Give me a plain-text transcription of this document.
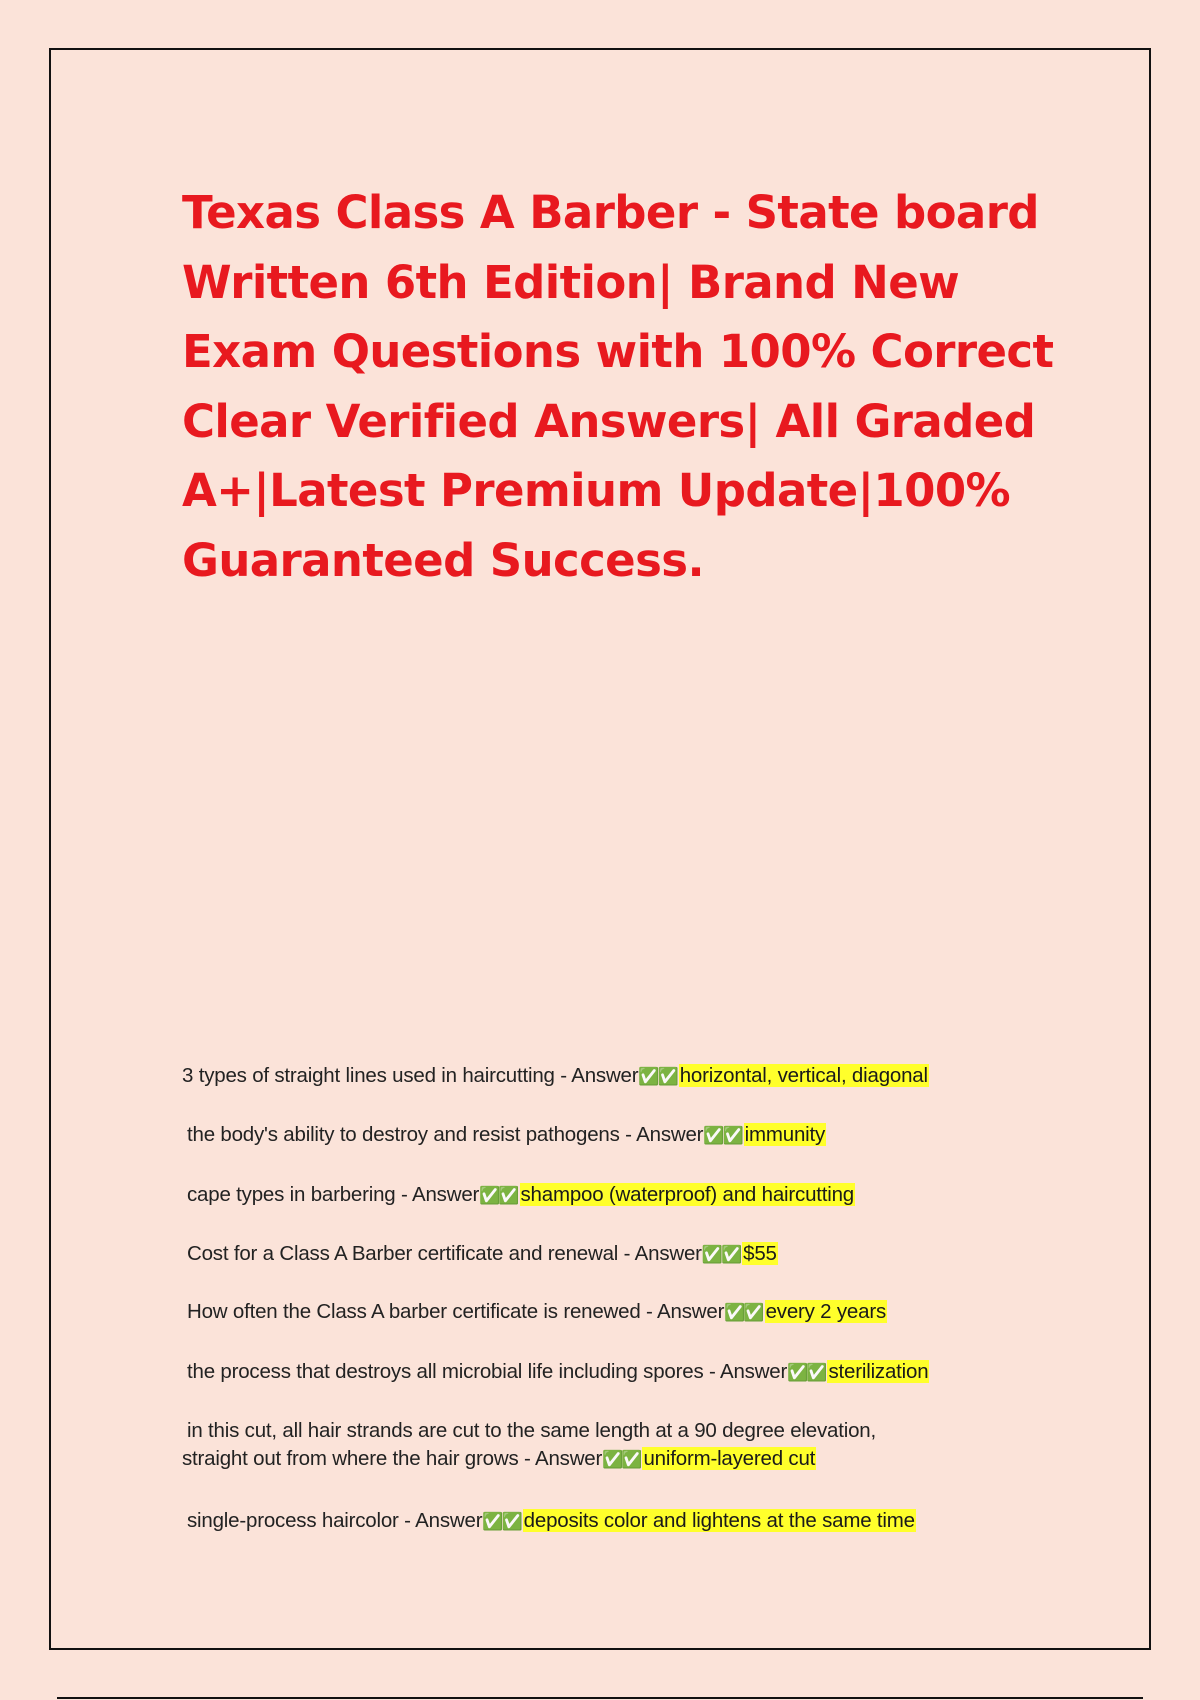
Texas Class A Barber - State board
Written 6th Edition| Brand New
Exam Questions with 100% Correct
Clear Verified Answers| All Graded
A+|Latest Premium Update|100%
Guaranteed Success.
3 types of straight lines used in haircutting - Answer✅✅ horizontal, vertical, diagonal
the body's ability to destroy and resist pathogens - Answer✅✅ immunity
cape types in barbering - Answer✅✅ shampoo (waterproof) and haircutting
Cost for a Class A Barber certificate and renewal - Answer✅✅ $55
How often the Class A barber certificate is renewed - Answer✅✅ every 2 years
the process that destroys all microbial life including spores - Answer✅✅ sterilization
in this cut, all hair strands are cut to the same length at a 90 degree elevation,
straight out from where the hair grows - Answer✅✅ uniform-layered cut
single-process haircolor - Answer✅✅ deposits color and lightens at the same time
